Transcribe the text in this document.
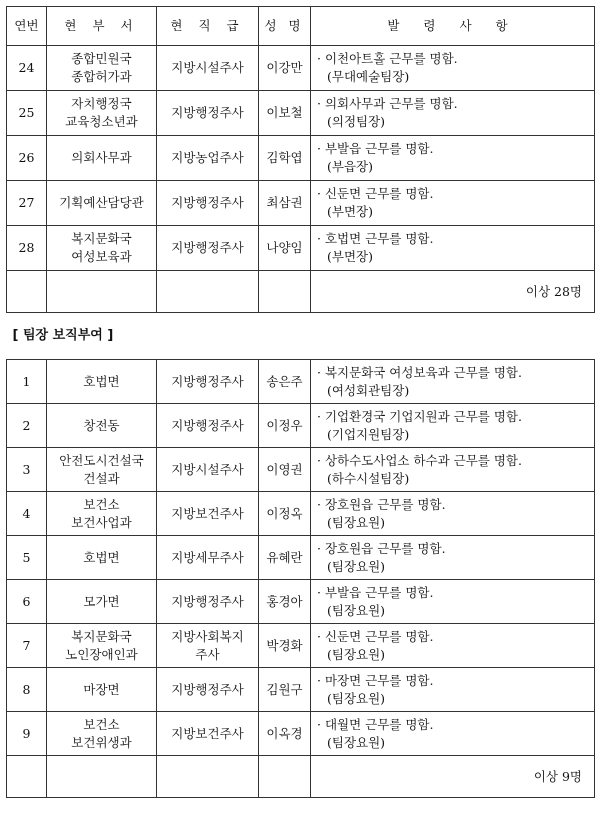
연번	현 부 서	현 직 급	성 명	발 령 사 항
24	종합민원국
종합허가과	지방시설주사	이강만	· 이천아트홀 근무를 명함.
(무대예술팀장)

25	자치행정국
교육청소년과	지방행정주사	이보철	· 의회사무과 근무를 명함.
(의정팀장)

26	의회사무과	지방농업주사	김학엽	· 부발읍 근무를 명함.
(부읍장)

27	기획예산담당관	지방행정주사	최삼권	· 신둔면 근무를 명함.
(부면장)

28	복지문화국
여성보육과	지방행정주사	나양임	· 호법면 근무를 명함.
(부면장)

				이상 28명
[ 팀장 보직부여 ]				
1	호법면	지방행정주사	송은주	· 복지문화국 여성보육과 근무를 명함.
(여성회관팀장)

2	창전동	지방행정주사	이정우	· 기업환경국 기업지원과 근무를 명함.
(기업지원팀장)

3	안전도시건설국
건설과	지방시설주사	이영권	· 상하수도사업소 하수과 근무를 명함.
(하수시설팀장)

4	보건소
보건사업과	지방보건주사	이정옥	· 장호원읍 근무를 명함.
(팀장요원)

5	호법면	지방세무주사	유혜란	· 장호원읍 근무를 명함.
(팀장요원)

6	모가면	지방행정주사	홍경아	· 부발읍 근무를 명함.
(팀장요원)

7	복지문화국
노인장애인과	지방사회복지
주사	박경화	· 신둔면 근무를 명함.
(팀장요원)

8	마장면	지방행정주사	김원구	· 마장면 근무를 명함.
(팀장요원)

9	보건소
보건위생과	지방보건주사	이옥경	· 대월면 근무를 명함.
(팀장요원)

				이상 9명
